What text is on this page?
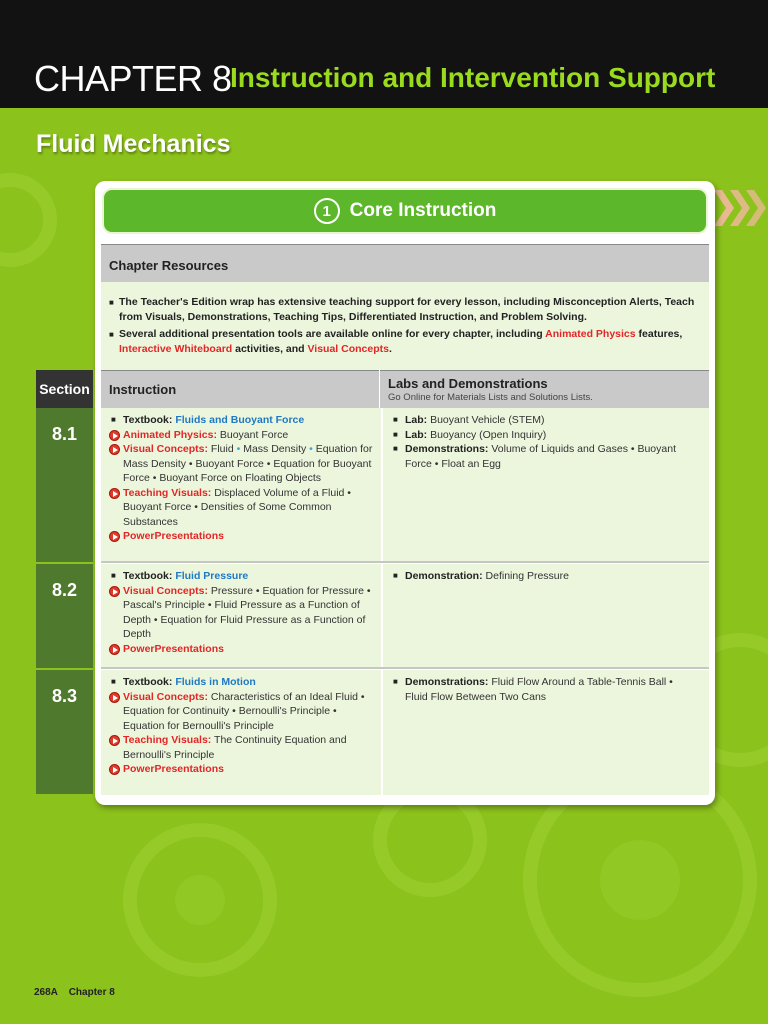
CHAPTER 8
Instruction and Intervention Support
Fluid Mechanics
1 Core Instruction
Chapter Resources
■ The Teacher's Edition wrap has extensive teaching support for every lesson, including Misconception Alerts, Teach from Visuals, Demonstrations, Teaching Tips, Differentiated Instruction, and Problem Solving.
■ Several additional presentation tools are available online for every chapter, including Animated Physics features, Interactive Whiteboard activities, and Visual Concepts.
Section	Instruction	Labs and Demonstrations
Go Online for Materials Lists and Solutions Lists.
8.1
■ Textbook: Fluids and Buoyant Force
Animated Physics: Buoyant Force
Visual Concepts: Fluid • Mass Density • Equation for
Mass Density • Buoyant Force • Equation for Buoyant
Force • Buoyant Force on Floating Objects
Teaching Visuals: Displaced Volume of a Fluid •
Buoyant Force • Densities of Some Common
Substances
PowerPresentations
■ Lab: Buoyant Vehicle (STEM)
■ Lab: Buoyancy (Open Inquiry)
■ Demonstrations: Volume of Liquids and Gases • Buoyant
Force • Float an Egg
8.2
■ Textbook: Fluid Pressure
Visual Concepts: Pressure • Equation for Pressure •
Pascal's Principle • Fluid Pressure as a Function of
Depth • Equation for Fluid Pressure as a Function of
Depth
PowerPresentations
■ Demonstration: Defining Pressure
8.3
■ Textbook: Fluids in Motion
Visual Concepts: Characteristics of an Ideal Fluid •
Equation for Continuity • Bernoulli's Principle •
Equation for Bernoulli's Principle
Teaching Visuals: The Continuity Equation and
Bernoulli's Principle
PowerPresentations
■ Demonstrations: Fluid Flow Around a Table-Tennis Ball •
Fluid Flow Between Two Cans
268A Chapter 8
